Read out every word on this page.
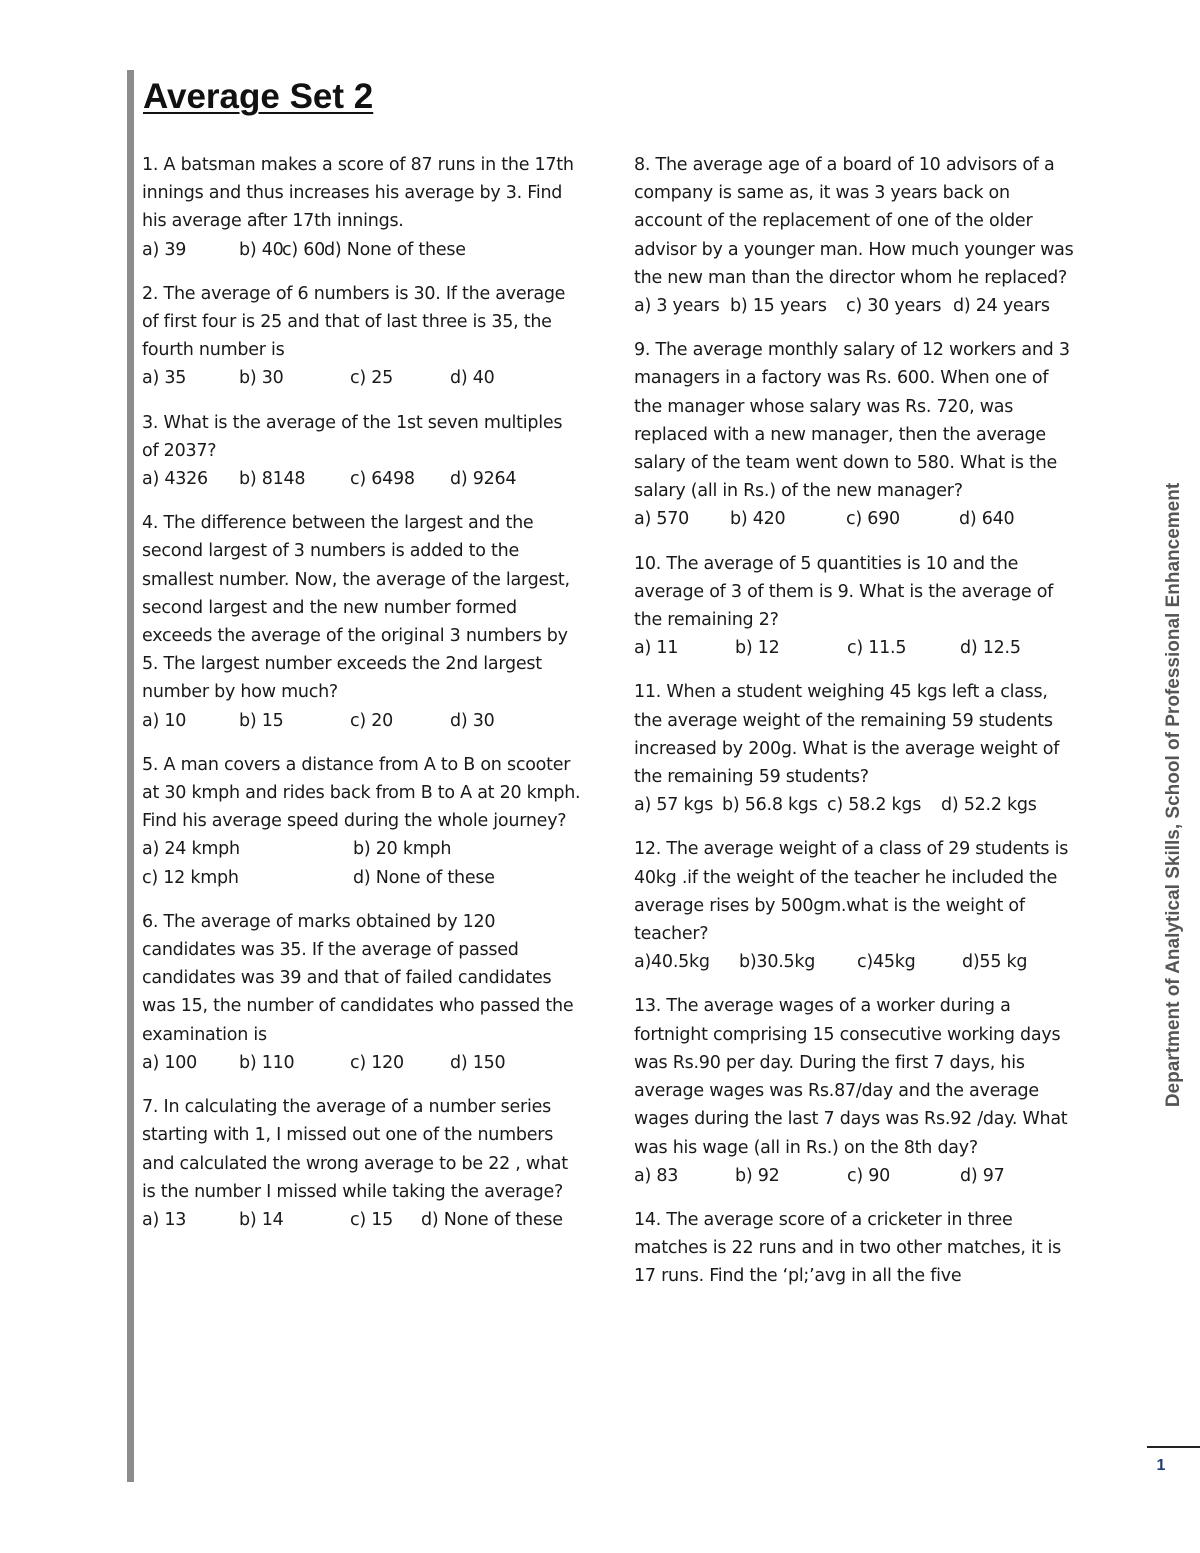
Average Set 2

1. A batsman makes a score of 87 runs in the 17th innings and thus increases his average by 3. Find his average after 17th innings.

a) 39	b) 40
c) 60
d) None of these

2. The average of 6 numbers is 30. If the average of first four is 25 and that of last three is 35, the fourth number is

a) 35	b) 30	c) 25	d) 40

3. What is the average of the 1st seven multiples of 2037?

a) 4326	b) 8148	c) 6498	d) 9264

4. The difference between the largest and the second largest of 3 numbers is added to the smallest number. Now, the average of the largest, second largest and the new number formed exceeds the average of the original 3 numbers by 5. The largest number exceeds the 2nd largest number by how much?

a) 10	b) 15	c) 20	d) 30

5. A man covers a distance from A to B on scooter at 30 kmph and rides back from B to A at 20 kmph. Find his average speed during the whole journey?

a) 24 kmph	b) 20 kmph
c) 12 kmph	d) None of these

6. The average of marks obtained by 120 candidates was 35. If the average of passed candidates was 39 and that of failed candidates was 15, the number of candidates who passed the examination is

a) 100	b) 110	c) 120	d) 150

7. In calculating the average of a number series starting with 1, I missed out one of the numbers and calculated the wrong average to be 22 , what is the number I missed while taking the average?

a) 13	b) 14	c) 15	d) None of these

8. The average age of a board of 10 advisors of a company is same as, it was 3 years back on account of the replacement of one of the older advisor by a younger man. How much younger was the new man than the director whom he replaced?

a) 3 years b) 15 years	c) 30 years d) 24 years

9. The average monthly salary of 12 workers and 3 managers in a factory was Rs. 600. When one of the manager whose salary was Rs. 720, was replaced with a new manager, then the average salary of the team went down to 580. What is the salary (all in Rs.) of the new manager?

a) 570	b) 420	c) 690	d) 640

10. The average of 5 quantities is 10 and the average of 3 of them is 9. What is the average of the remaining 2?

a) 11	b) 12	c) 11.5	d) 12.5

11. When a student weighing 45 kgs left a class, the average weight of the remaining 59 students increased by 200g. What is the average weight of the remaining 59 students?

a) 57 kgs b) 56.8 kgs c) 58.2 kgs	d) 52.2 kgs

12. The average weight of a class of 29 students is 40kg .if the weight of the teacher he included the average rises by 500gm.what is the weight of teacher?

a)40.5kg	b)30.5kg	c)45kg	d)55 kg

13. The average wages of a worker during a fortnight comprising 15 consecutive working days was Rs.90 per day. During the first 7 days, his average wages was Rs.87/day and the average wages during the last 7 days was Rs.92 /day. What was his wage (all in Rs.) on the 8th day?

a) 83	b) 92	c) 90	d) 97

14. The average score of a cricketer in three matches is 22 runs and in two other matches, it is 17 runs. Find the ‘pl;’avg in all the five

Department of Analytical Skills, School of Professional Enhancement
1
